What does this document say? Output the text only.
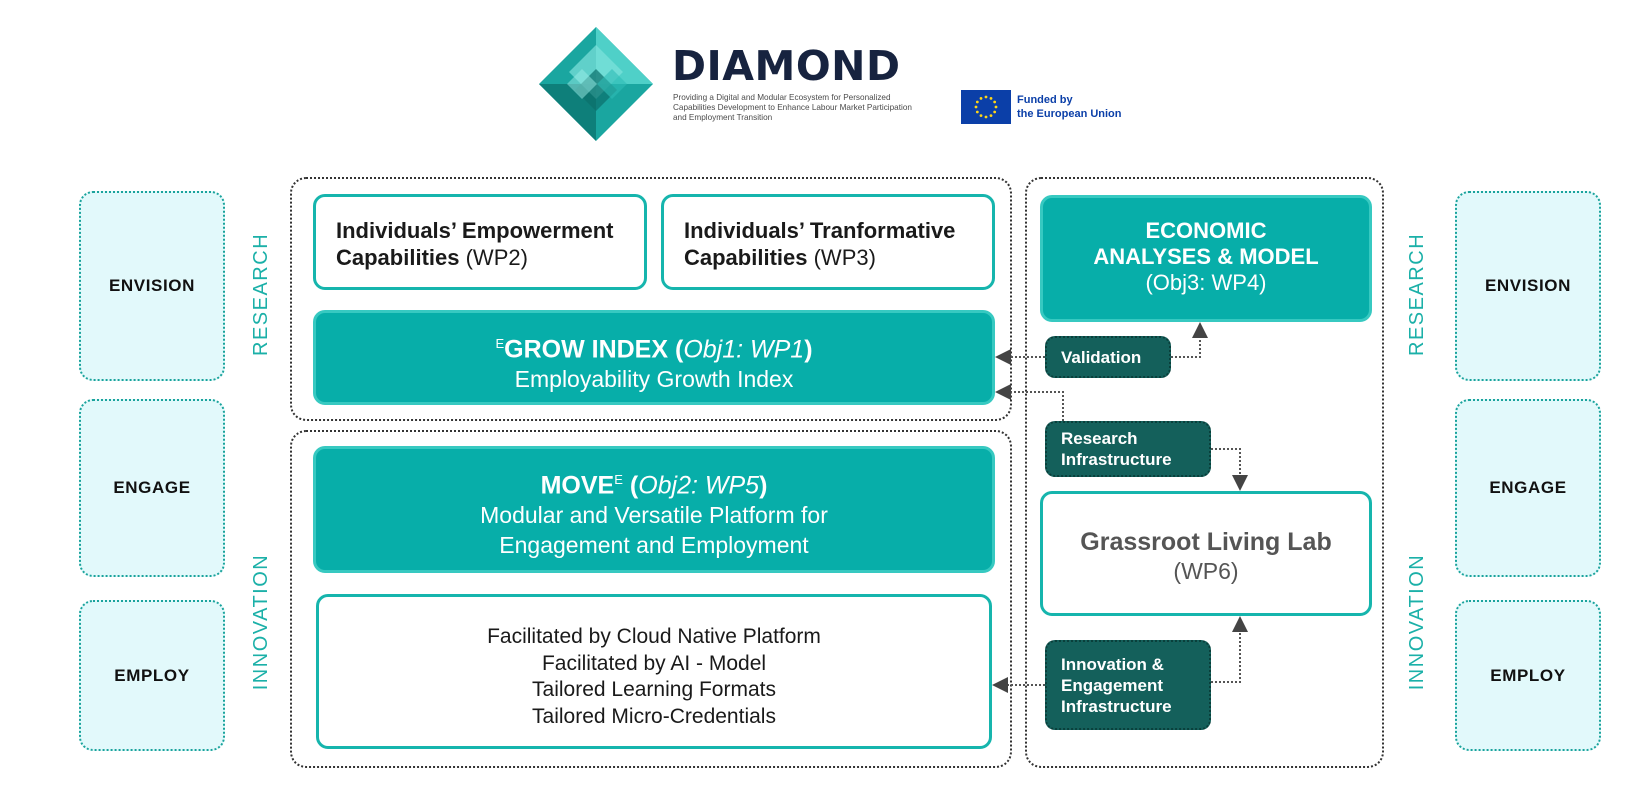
DIAMOND
Providing a Digital and Modular Ecosystem for Personalized Capabilities Development to Enhance Labour Market Participation and Employment Transition
Funded by
the European Union
ENVISION
ENGAGE
EMPLOY
ENVISION
ENGAGE
EMPLOY
RESEARCH
INNOVATION
RESEARCH
INNOVATION
Individuals’ Empowerment Capabilities (WP2)
Individuals’ Tranformative Capabilities (WP3)
$^E$GROW INDEX (Obj1: WP1)
Employability Growth Index
$MOVE^E$ (Obj2: WP5)
Modular and Versatile Platform for
Engagement and Employment
Facilitated by Cloud Native Platform
Facilitated by AI - Model
Tailored Learning Formats
Tailored Micro-Credentials
ECONOMIC
ANALYSES & MODEL
(Obj3: WP4)
Grassroot Living Lab
(WP6)
Validation
Research
Infrastructure
Innovation &
Engagement
Infrastructure
